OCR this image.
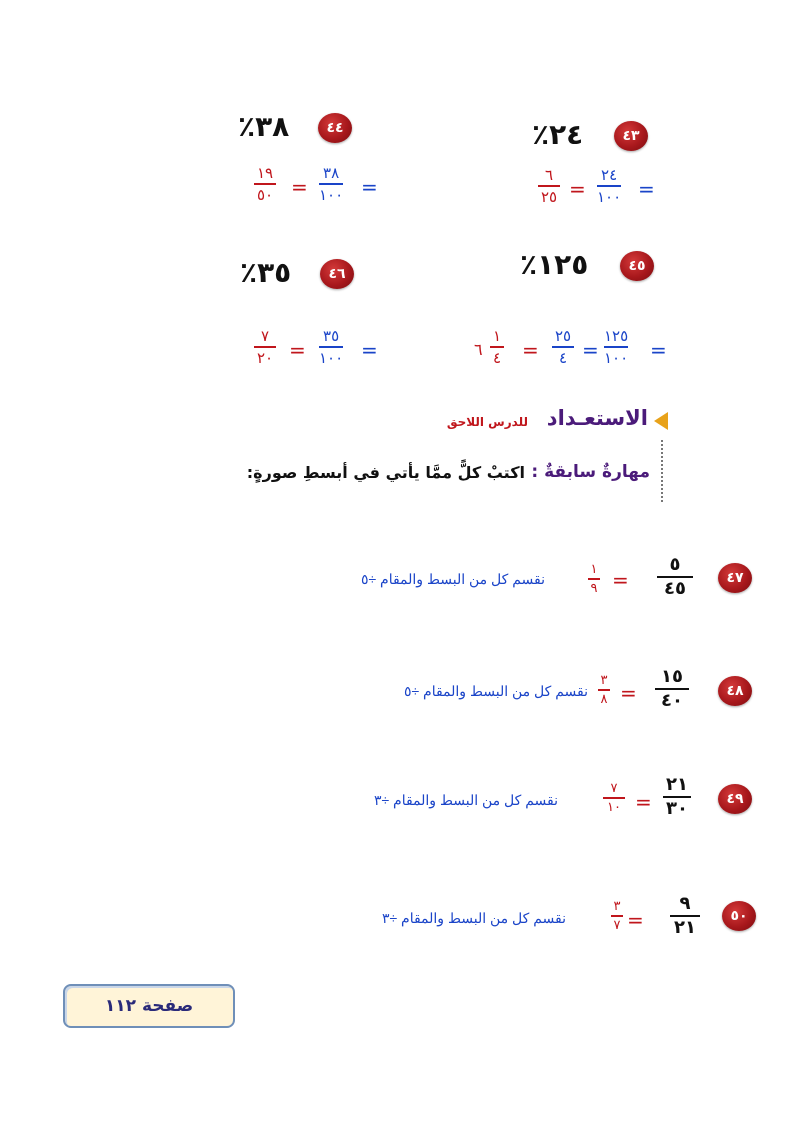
٪٣٨	٤٤
١٩
٥٠ =
٣٨
١٠٠ =
٪٢٤	٤٣
٦
٢٥ =
٢٤
١٠٠ =
٪٣٥	٤٦
٧
٢٠ =
٣٥
١٠٠ =
٪١٢٥	٤٥
٦
١
٤ =
٢٥
٤ =
١٢٥
١٠٠ =
الاستعـداد
للدرس اللاحق
مهارةٌ سابقةٌ :
اكتبْ كلًّ ممَّا يأتي في أبسطِ صورةٍ:
٤٧
٥
٤٥
=
١
٩
نقسم كل من البسط والمقام ÷٥
٤٨
١٥
٤٠
=
٣
٨
نقسم كل من البسط والمقام ÷٥
٤٩
٢١
٣٠
=
٧
١٠
نقسم كل من البسط والمقام ÷٣
٥٠
٩
٢١
=
٣
٧
نقسم كل من البسط والمقام ÷٣
صفحة
١١٢
